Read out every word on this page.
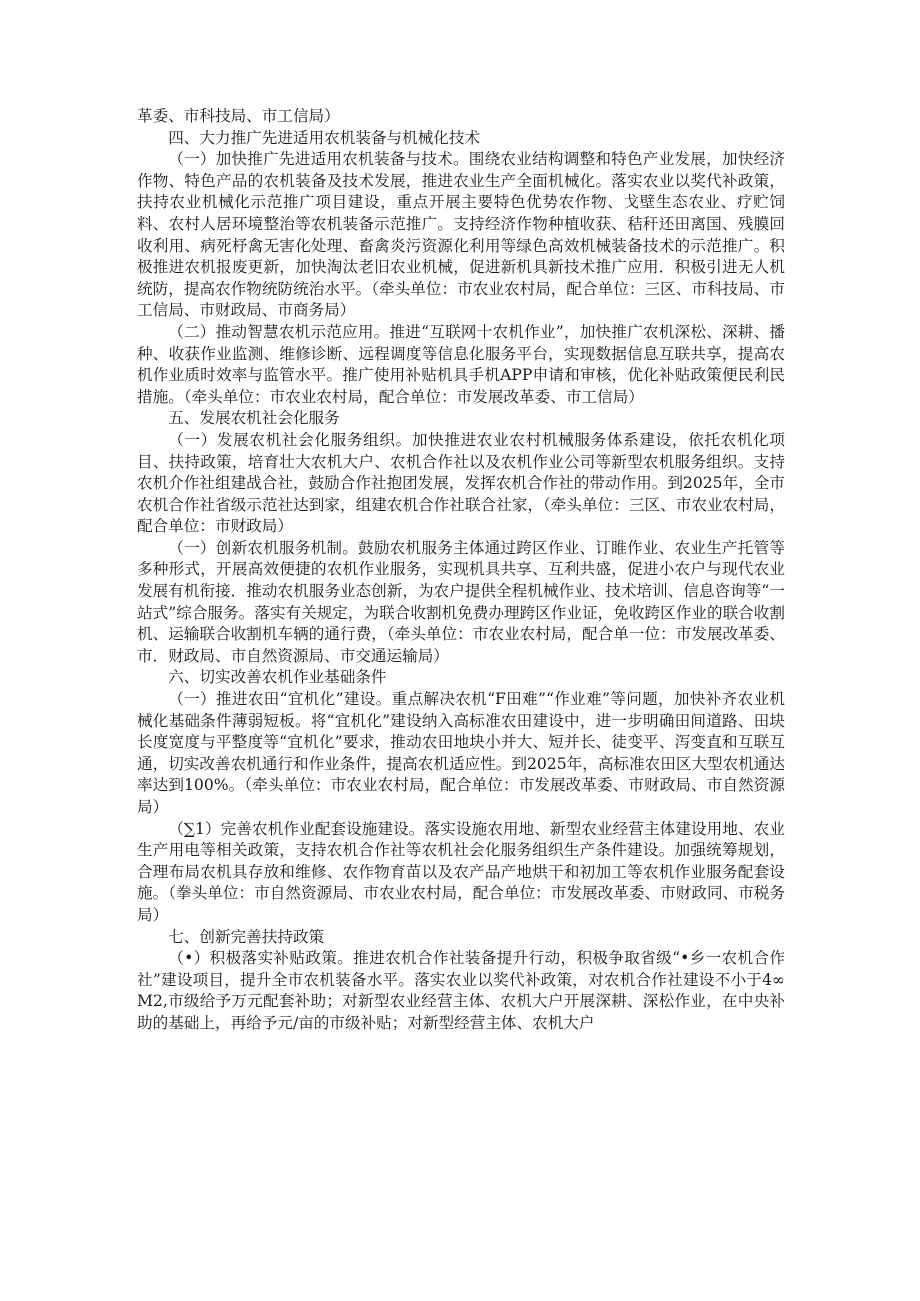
革委、市科技局、市工信局）

四、大力推广先进适用农机装备与机械化技术

（一）加快推广先进适用农机装备与技术。围绕农业结构调整和特色产业发展，加快经济作物、特色产品的农机装备及技术发展，推进农业生产全面机械化。落实农业以奖代补政策，扶持农业机械化示范推广项目建设，重点开展主要特色优势农作物、戈壁生态农业、疗贮饲料、农村人居环境整治等农机装备示范推广。支持经济作物种植收获、秸秆还田离国、残膜回收利用、病死杼禽无害化处理、畜禽炎污资源化利用等绿色高效机械装备技术的示范推广。积极推进农机报废更新，加快淘汰老旧农业机械，促进新机具新技术推广应用．积极引进无人机统防，提高农作物统防统治水平。（牵头单位：市农业农村局，配合单位：三区、市科技局、市工信局、市财政局、市商务局）

（二）推动智慧农机示范应用。推进“互联网十农机作业”，加快推广农机深松、深耕、播种、收获作业监测、维修诊断、远程调度等信息化服务平台，实现数据信息互联共享，提高农机作业质时效率与监管水平。推广使用补贴机具手机APP申请和审核，优化补贴政策便民利民措施。（牵头单位：市农业农村局，配合单位：市发展改革委、市工信局）

五、发展农机社会化服务

（一）发展农机社会化服务组织。加快推进农业农村机械服务体系建设，依托农机化项目、扶持政策，培育壮大农机大户、农机合作社以及农机作业公司等新型农机服务组织。支持农机介作社组建战合社，鼓励合作社抱团发展，发挥农机合作社的带动作用。到2025年，全市农机合作社省级示范社达到家，组建农机合作社联合社家，（牵头单位：三区、市农业农村局，配合单位：市财政局）

（一）创新农机服务机制。鼓励农机服务主体通过跨区作业、订睢作业、农业生产托管等多种形式，开展高效便捷的农机作业服务，实现机具共享、互利共盛，促进小农户与现代农业发展有机衔接．推动农机服务业态创新，为农户提供全程机械作业、技术培训、信息咨询等“一站式”综合服务。落实有关规定，为联合收割机免费办理跨区作业证，免收跨区作业的联合收割机、运输联合收割机车辆的通行费，（牵头单位：市农业农村局，配合单一位：市发展改革委、市．财政局、市自然资源局、市交通运输局）

六、切实改善农机作业基础条件

（一）推进农田“宜机化”建设。重点解决农机“F田难”“作业难”等问题，加快补齐农业机械化基础条件薄弱短板。将“宜机化”建设纳入高标准农田建设中，进一步明确田间道路、田块长度宽度与平整度等“宜机化”要求，推动农田地块小并大、短并长、徒变平、泻变直和互联互通，切实改善农机通行和作业条件，提高农机适应性。到2025年，高标准农田区大型农机通达率达到100%。（牵头单位：市农业农村局，配合单位：市发展改革委、市财政局、市自然资源局）

（∑1）完善农机作业配套设施建设。落实设施农用地、新型农业经营主体建设用地、农业生产用电等相关政策，支持农机合作社等农机社会化服务组织生产条件建设。加强统筹规划，合理布局农机具存放和维修、农作物育苗以及农产品产地烘干和初加工等农机作业服务配套设施。（拳头单位：市自然资源局、市农业农村局，配合单位：市发展改革委、市财政同、市税务局）

七、创新完善扶持政策

（•）积极落实补贴政策。推进农机合作社装备提升行动，积极争取省级“•乡一农机合作社”建设项目，提升全市农机装备水平。落实农业以奖代补政策，对农机合作社建设不小于4∞M2,市级给予万元配套补助；对新型农业经营主体、农机大户开展深耕、深松作业，在中央补助的基础上，再给予元/亩的市级补贴；对新型经营主体、农机大户
